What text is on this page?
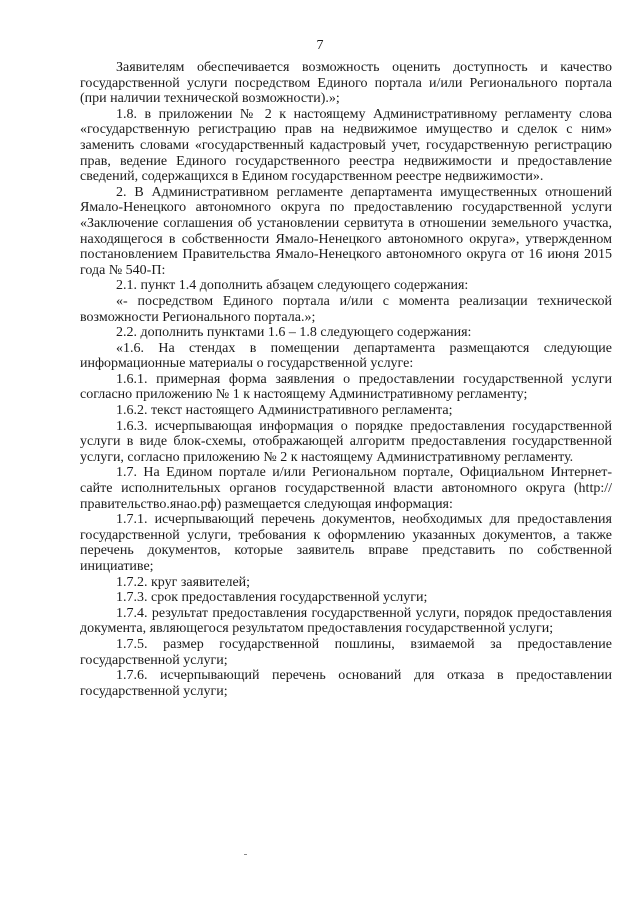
7

Заявителям обеспечивается возможность оценить доступность и качество государственной услуги посредством Единого портала и/или Регионального портала (при наличии технической возможности).»;

1.8. в приложении № 2 к настоящему Административному регламенту слова «государственную регистрацию прав на недвижимое имущество и сделок с ним» заменить словами «государственный кадастровый учет, государственную регистрацию прав, ведение Единого государственного реестра недвижимости и предоставление сведений, содержащихся в Едином государственном реестре недвижимости».

2. В Административном регламенте департамента имущественных отношений Ямало-Ненецкого автономного округа по предоставлению государственной услуги «Заключение соглашения об установлении сервитута в отношении земельного участка, находящегося в собственности Ямало-Ненецкого автономного округа», утвержденном постановлением Правительства Ямало-Ненецкого автономного округа от 16 июня 2015 года № 540-П:

2.1. пункт 1.4 дополнить абзацем следующего содержания:

«- посредством Единого портала и/или с момента реализации технической возможности Регионального портала.»;

2.2. дополнить пунктами 1.6 – 1.8 следующего содержания:

«1.6. На стендах в помещении департамента размещаются следующие информационные материалы о государственной услуге:

1.6.1. примерная форма заявления о предоставлении государственной услуги согласно приложению № 1 к настоящему Административному регламенту;

1.6.2. текст настоящего Административного регламента;

1.6.3. исчерпывающая информация о порядке предоставления государственной услуги в виде блок-схемы, отображающей алгоритм предоставления государственной услуги, согласно приложению № 2 к настоящему Административному регламенту.

1.7. На Едином портале и/или Региональном портале, Официальном Интернет-сайте исполнительных органов государственной власти автономного округа (http://правительство.янао.рф) размещается следующая информация:

1.7.1. исчерпывающий перечень документов, необходимых для предоставления государственной услуги, требования к оформлению указанных документов, а также перечень документов, которые заявитель вправе представить по собственной инициативе;

1.7.2. круг заявителей;

1.7.3. срок предоставления государственной услуги;

1.7.4. результат предоставления государственной услуги, порядок предоставления документа, являющегося результатом предоставления государственной услуги;

1.7.5. размер государственной пошлины, взимаемой за предоставление государственной услуги;

1.7.6. исчерпывающий перечень оснований для отказа в предоставлении государственной услуги;
